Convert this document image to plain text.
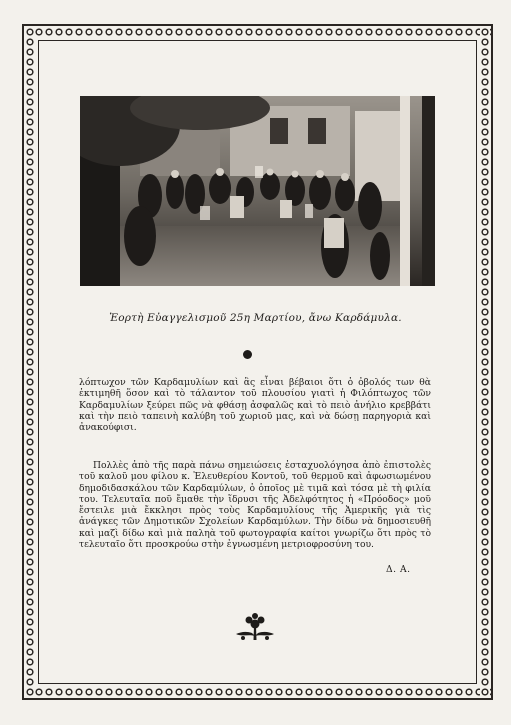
Ἑορτὴ Εὐαγγελισμοῦ 25η Μαρτίου, ἄνω Καρδάμυλα.

λόπτωχον τῶν Καρδαμυλίων καὶ ἂς εἶναι βέβαιοι ὅτι ὁ ὀβολός των θὰ ἐκτιμηθῆ ὅσον καὶ τὸ τάλαντον τοῦ πλουσίου γιατὶ ἡ Φιλόπτωχος τῶν Καρδαμυλίων ξεύρει πῶς νὰ φθάσῃ ἀσφαλῶς καὶ τὸ πειὸ ἀνήλιο κρεββάτι καὶ τὴν πειὸ ταπεινὴ καλύβη τοῦ χωριοῦ μας, καὶ νὰ δώσῃ παρηγοριὰ καὶ ἀνακούφισι.

Πολλὲς ἀπὸ τῆς παρὰ πάνω σημειώσεις ἐσταχυολόγησα ἀπὸ ἐπιστολὲς τοῦ καλοῦ μου φίλου κ. Ἐλευθερίου Κοντοῦ, τοῦ θερμοῦ καὶ ἀφωσιωμένου δημοδιδασκάλου τῶν Καρδαμύλων, ὁ ὁποῖος μὲ τιμᾶ καὶ τόσα μὲ τὴ φιλία του. Τελευταῖα ποῦ ἔμαθε τὴν ἵδρυσι τῆς Ἀδελφότητος ἡ «Πρόοδος» μοῦ ἔστειλε μιὰ ἔκκλησι πρὸς τοὺς Καρδαμυλίους τῆς Ἀμερικῆς γιὰ τὶς ἀνάγκες τῶν Δημοτικῶν Σχολείων Καρδαμύλων. Τὴν δίδω νὰ δημοσιευθῆ καὶ μαζὶ δίδω καὶ μιὰ παληὰ τοῦ φωτογραφία καίτοι γνωρίζω ὅτι πρὸς τὸ τελευταῖο ὅτι προσκρούω στὴν ἐγνωσμένη μετριοφροσύνη του.

Δ. Α.
